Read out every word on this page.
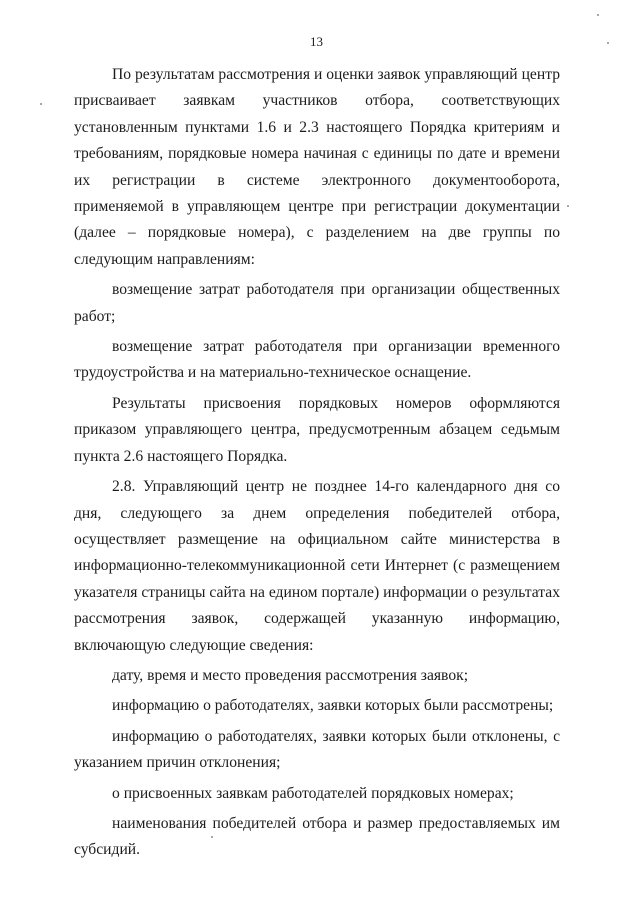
13

По результатам рассмотрения и оценки заявок управляющий центр присваивает заявкам участников отбора, соответствующих установленным пунктами 1.6 и 2.3 настоящего Порядка критериям и требованиям, порядковые номера начиная с единицы по дате и времени их регистрации в системе электронного документооборота, применяемой в управляющем центре при регистрации документации (далее – порядковые номера), с разделением на две группы по следующим направлениям:

возмещение затрат работодателя при организации общественных работ;

возмещение затрат работодателя при организации временного трудоустройства и на материально-техническое оснащение.

Результаты присвоения порядковых номеров оформляются приказом управляющего центра, предусмотренным абзацем седьмым пункта 2.6 настоящего Порядка.

2.8. Управляющий центр не позднее 14-го календарного дня со дня, следующего за днем определения победителей отбора, осуществляет размещение на официальном сайте министерства в информационно-телекоммуникационной сети Интернет (с размещением указателя страницы сайта на едином портале) информации о результатах рассмотрения заявок, содержащей указанную информацию, включающую следующие сведения:

дату, время и место проведения рассмотрения заявок;

информацию о работодателях, заявки которых были рассмотрены;

информацию о работодателях, заявки которых были отклонены, с указанием причин отклонения;

о присвоенных заявкам работодателей порядковых номерах;

наименования победителей отбора и размер предоставляемых им субсидий.
